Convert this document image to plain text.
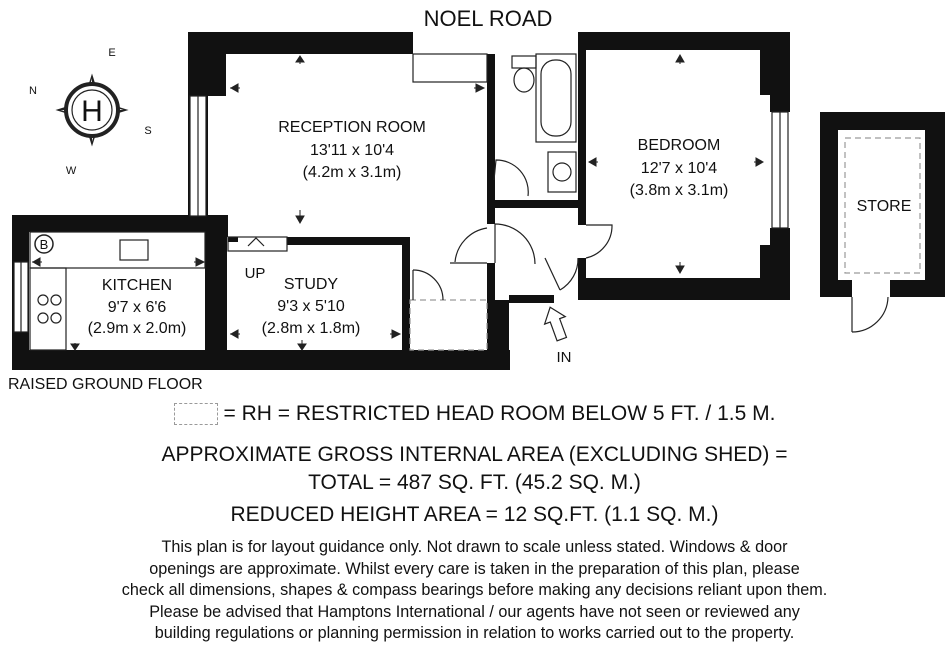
NOEL ROAD
H
E
N
S
W
B
RECEPTION ROOM
13'11 x 10'4
(4.2m x 3.1m)
BEDROOM
12'7 x 10'4
(3.8m x 3.1m)
KITCHEN
9'7 x 6'6
(2.9m x 2.0m)
UP
STUDY
9'3 x 5'10
(2.8m x 1.8m)
STORE
IN
RAISED GROUND FLOOR
= RH = RESTRICTED HEAD ROOM BELOW 5 FT. / 1.5 M.
APPROXIMATE GROSS INTERNAL AREA (EXCLUDING SHED) =
TOTAL = 487 SQ. FT. (45.2 SQ. M.)
REDUCED HEIGHT AREA = 12 SQ.FT. (1.1 SQ. M.)
This plan is for layout guidance only. Not drawn to scale unless stated. Windows & door
openings are approximate. Whilst every care is taken in the preparation of this plan, please
check all dimensions, shapes & compass bearings before making any decisions reliant upon them.
Please be advised that Hamptons International / our agents have not seen or reviewed any
building regulations or planning permission in relation to works carried out to the property.
